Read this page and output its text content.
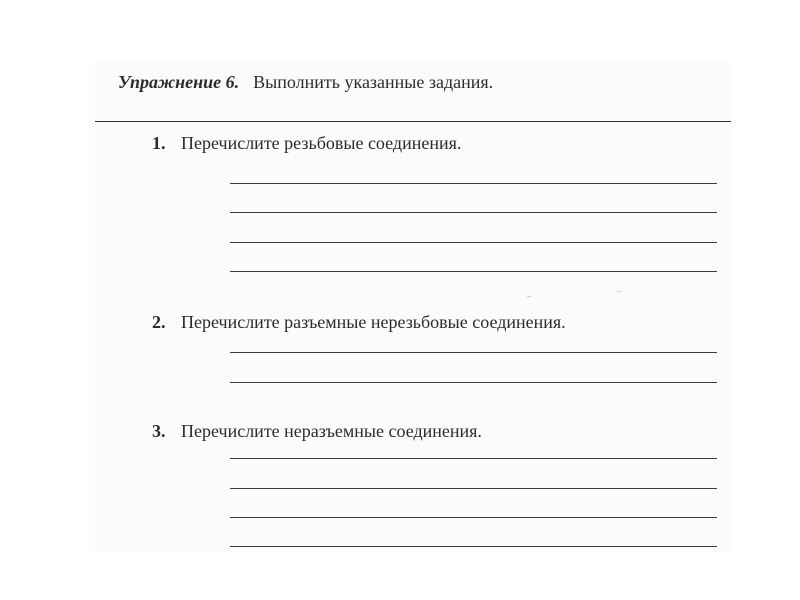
Упражнение 6. Выполнить указанные задания.
1. Перечислите резьбовые соединения.
2. Перечислите разъемные нерезьбовые соединения.
3. Перечислите неразъемные соединения.
